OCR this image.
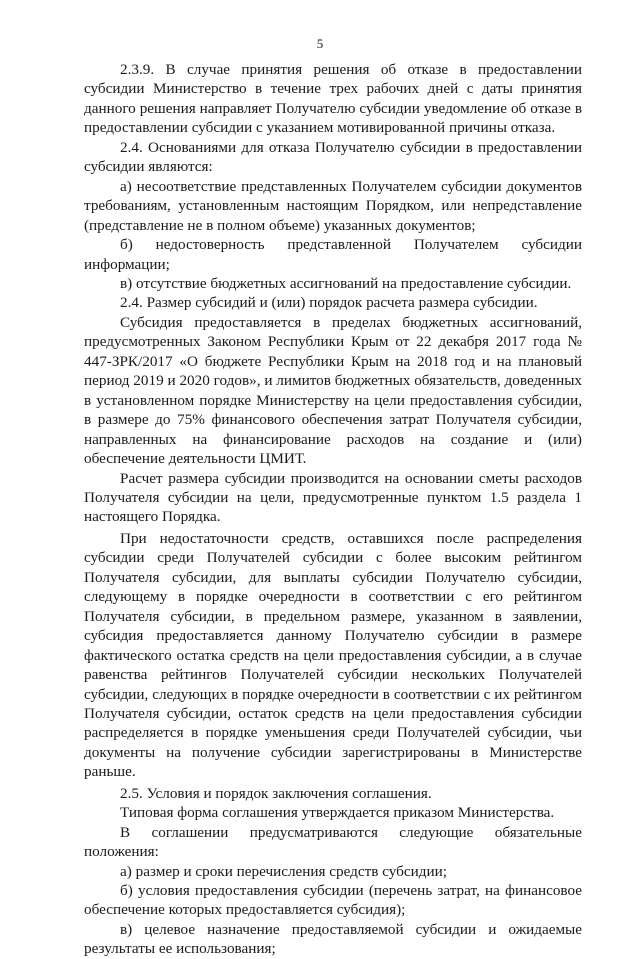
5

2.3.9. В случае принятия решения об отказе в предоставлении субсидии Министерство в течение трех рабочих дней с даты принятия данного решения направляет Получателю субсидии уведомление об отказе в предоставлении субсидии с указанием мотивированной причины отказа.

2.4. Основаниями для отказа Получателю субсидии в предоставлении субсидии являются:

а) несоответствие представленных Получателем субсидии документов требованиям, установленным настоящим Порядком, или непредставление (представление не в полном объеме) указанных документов;

б) недостоверность представленной Получателем субсидии информации;

в) отсутствие бюджетных ассигнований на предоставление субсидии.

2.4. Размер субсидий и (или) порядок расчета размера субсидии.

Субсидия предоставляется в пределах бюджетных ассигнований, предусмотренных Законом Республики Крым от 22 декабря 2017 года № 447-ЗРК/2017 «О бюджете Республики Крым на 2018 год и на плановый период 2019 и 2020 годов», и лимитов бюджетных обязательств, доведенных в установленном порядке Министерству на цели предоставления субсидии, в размере до 75% финансового обеспечения затрат Получателя субсидии, направленных на финансирование расходов на создание и (или) обеспечение деятельности ЦМИТ.

Расчет размера субсидии производится на основании сметы расходов Получателя субсидии на цели, предусмотренные пунктом 1.5 раздела 1 настоящего Порядка.

При недостаточности средств, оставшихся после распределения субсидии среди Получателей субсидии с более высоким рейтингом Получателя субсидии, для выплаты субсидии Получателю субсидии, следующему в порядке очередности в соответствии с его рейтингом Получателя субсидии, в предельном размере, указанном в заявлении, субсидия предоставляется данному Получателю субсидии в размере фактического остатка средств на цели предоставления субсидии, а в случае равенства рейтингов Получателей субсидии нескольких Получателей субсидии, следующих в порядке очередности в соответствии с их рейтингом Получателя субсидии, остаток средств на цели предоставления субсидии распределяется в порядке уменьшения среди Получателей субсидии, чьи документы на получение субсидии зарегистрированы в Министерстве раньше.

2.5. Условия и порядок заключения соглашения.

Типовая форма соглашения утверждается приказом Министерства.

В соглашении предусматриваются следующие обязательные положения:

а) размер и сроки перечисления средств субсидии;

б) условия предоставления субсидии (перечень затрат, на финансовое обеспечение которых предоставляется субсидия);

в) целевое назначение предоставляемой субсидии и ожидаемые результаты ее использования;
